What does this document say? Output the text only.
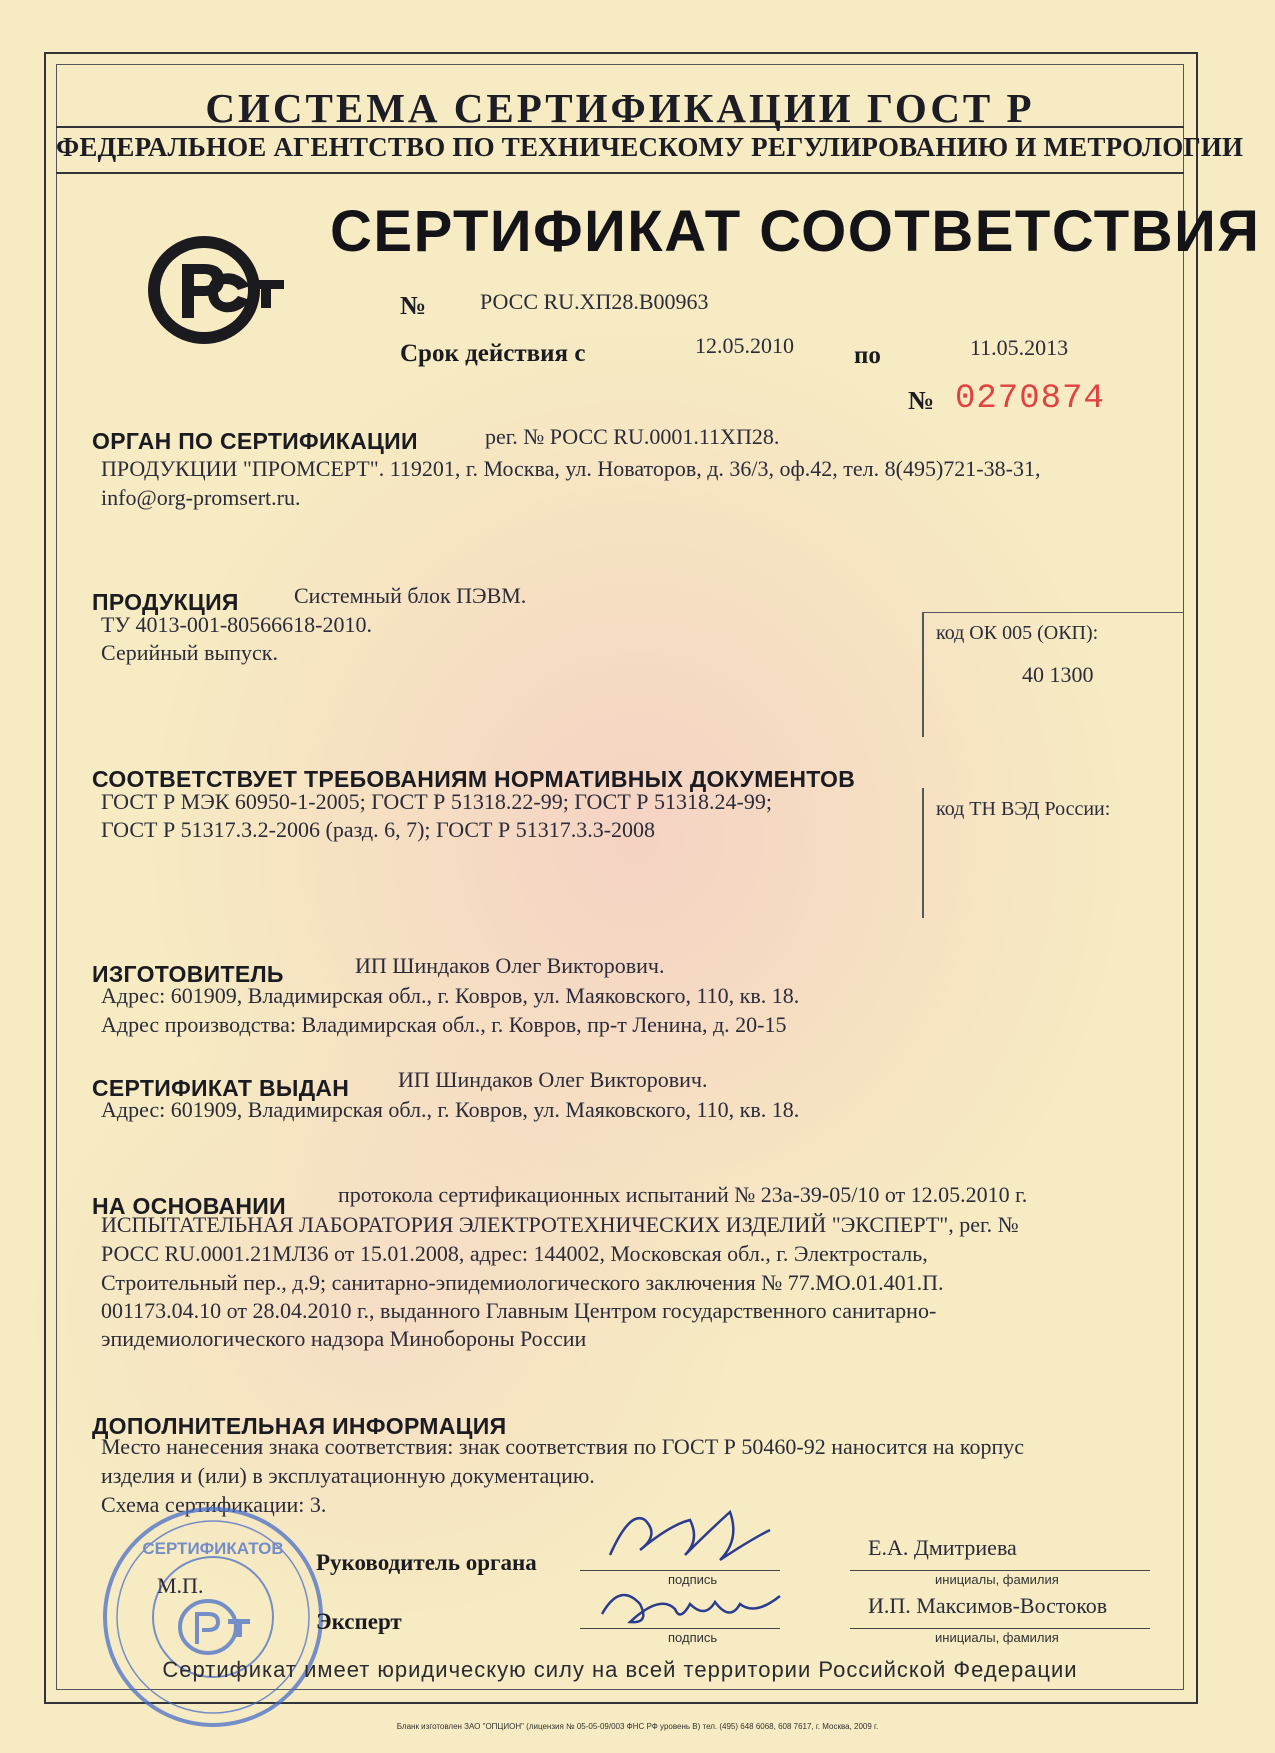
СИСТЕМА СЕРТИФИКАЦИИ ГОСТ Р
ФЕДЕРАЛЬНОЕ АГЕНТСТВО ПО ТЕХНИЧЕСКОМУ РЕГУЛИРОВАНИЮ И МЕТРОЛОГИИ
СЕРТИФИКАТ СООТВЕТСТВИЯ
№ РОСС RU.ХП28.В00963
Срок действия с	12.05.2010 по	11.05.2013
№ 0270874
ОРГАН ПО СЕРТИФИКАЦИИ	рег. № РОСС RU.0001.11ХП28.
ПРОДУКЦИИ "ПРОМСЕРТ". 119201, г. Москва, ул. Новаторов, д. 36/3, оф.42, тел. 8(495)721-38-31,
info@org-promsert.ru.
ПРОДУКЦИЯ	Системный блок ПЭВМ.
ТУ 4013-001-80566618-2010.
Серийный выпуск.
код ОК 005 (ОКП):
40 1300
СООТВЕТСТВУЕТ ТРЕБОВАНИЯМ НОРМАТИВНЫХ ДОКУМЕНТОВ
ГОСТ Р МЭК 60950-1-2005; ГОСТ Р 51318.22-99; ГОСТ Р 51318.24-99;
ГОСТ Р 51317.3.2-2006 (разд. 6, 7); ГОСТ Р 51317.3.3-2008
код ТН ВЭД России:
ИЗГОТОВИТЕЛЬ	ИП Шиндаков Олег Викторович.
Адрес: 601909, Владимирская обл., г. Ковров, ул. Маяковского, 110, кв. 18.
Адрес производства: Владимирская обл., г. Ковров, пр-т Ленина, д. 20-15
СЕРТИФИКАТ ВЫДАН ИП Шиндаков Олег Викторович.
Адрес: 601909, Владимирская обл., г. Ковров, ул. Маяковского, 110, кв. 18.
НА ОСНОВАНИИ протокола сертификационных испытаний № 23а-39-05/10 от 12.05.2010 г.
ИСПЫТАТЕЛЬНАЯ ЛАБОРАТОРИЯ ЭЛЕКТРОТЕХНИЧЕСКИХ ИЗДЕЛИЙ "ЭКСПЕРТ", рег. №
РОСС RU.0001.21МЛ36 от 15.01.2008, адрес: 144002, Московская обл., г. Электросталь,
Строительный пер., д.9; санитарно-эпидемиологического заключения № 77.МО.01.401.П.
001173.04.10 от 28.04.2010 г., выданного Главным Центром государственного санитарно-
эпидемиологического надзора Минобороны России
ДОПОЛНИТЕЛЬНАЯ ИНФОРМАЦИЯ
Место нанесения знака соответствия: знак соответствия по ГОСТ Р 50460-92 наносится на корпус
изделия и (или) в эксплуатационную документацию.
Схема сертификации: 3.
СЕРТИФИКАТОВ
М.П.
Руководитель органа
подпись
Е.А. Дмитриева
инициалы, фамилия
Эксперт
подпись
И.П. Максимов-Востоков
инициалы, фамилия
Сертификат имеет юридическую силу на всей территории Российской Федерации
Бланк изготовлен ЗАО "ОПЦИОН" (лицензия № 05-05-09/003 ФНС РФ уровень В) тел. (495) 648 6068, 608 7617, г. Москва, 2009 г.
